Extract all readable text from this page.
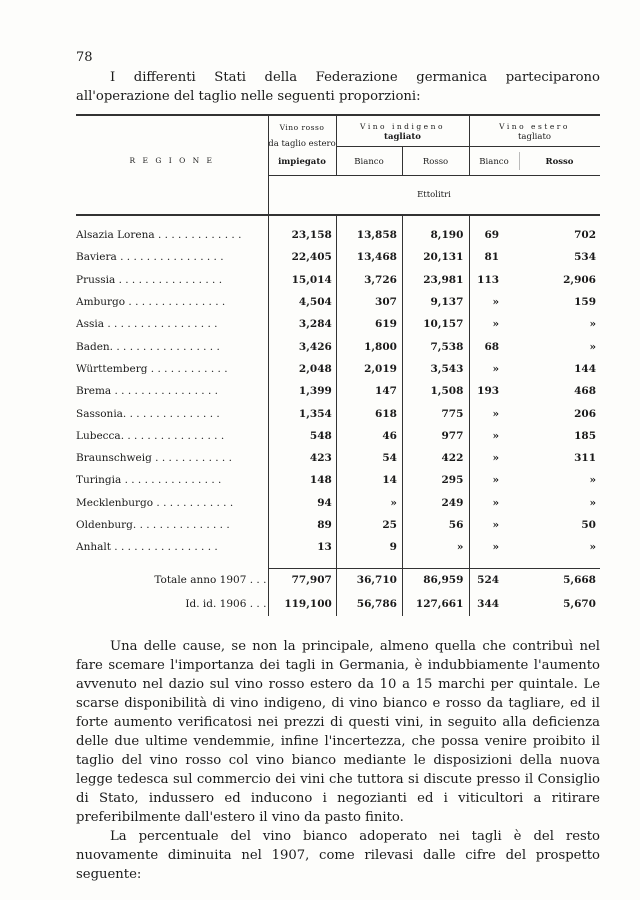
78

I differenti Stati della Federazione germanica parteciparono all'operazione del taglio nelle seguenti proporzioni:

R E G I O N E
Vino rosso
da taglio estero
impiegato
Vino indigeno
tagliato
Vino estero
tagliato
Bianco	Rosso	Bianco	Rosso
Ettolitri
Alsazia Lorena . . . . . . . . . . . . .	23,158	13,858	8,190	69	702
Baviera . . . . . . . . . . . . . . . .	22,405	13,468	20,131	81	534
Prussia . . . . . . . . . . . . . . . .	15,014	3,726	23,981	113	2,906
Amburgo . . . . . . . . . . . . . . .	4,504	307	9,137	»	159
Assia . . . . . . . . . . . . . . . . .	3,284	619	10,157	»	»
Baden. . . . . . . . . . . . . . . . .	3,426	1,800	7,538	68	»
Württemberg . . . . . . . . . . . .	2,048	2,019	3,543	»	144
Brema . . . . . . . . . . . . . . . .	1,399	147	1,508	193	468
Sassonia. . . . . . . . . . . . . . .	1,354	618	775	»	206
Lubecca. . . . . . . . . . . . . . . .	548	46	977	»	185
Braunschweig . . . . . . . . . . . .	423	54	422	»	311
Turingia . . . . . . . . . . . . . . .	148	14	295	»	»
Mecklenburgo . . . . . . . . . . . .	94	»	249	»	»
Oldenburg. . . . . . . . . . . . . . .	89	25	56	»	50
Anhalt . . . . . . . . . . . . . . . .	13	9	»	»	»

Totale anno 1907 . . .	77,907	36,710	86,959	524	5,668
Id. id. 1906 . . .	119,100	56,786	127,661	344	5,670

Una delle cause, se non la principale, almeno quella che contribuì nel fare scemare l'importanza dei tagli in Germania, è indubbiamente l'aumento avvenuto nel dazio sul vino rosso estero da 10 a 15 marchi per quintale. Le scarse disponibilità di vino indigeno, di vino bianco e rosso da tagliare, ed il forte aumento verificatosi nei prezzi di questi vini, in seguito alla deficienza delle due ultime vendemmie, infine l'incertezza, che possa venire proibito il taglio del vino rosso col vino bianco mediante le disposizioni della nuova legge tedesca sul commercio dei vini che tuttora si discute presso il Consiglio di Stato, indussero ed inducono i negozianti ed i viticultori a ritirare preferibilmente dall'estero il vino da pasto finito.

La percentuale del vino bianco adoperato nei tagli è del resto nuovamente diminuita nel 1907, come rilevasi dalle cifre del prospetto seguente:
